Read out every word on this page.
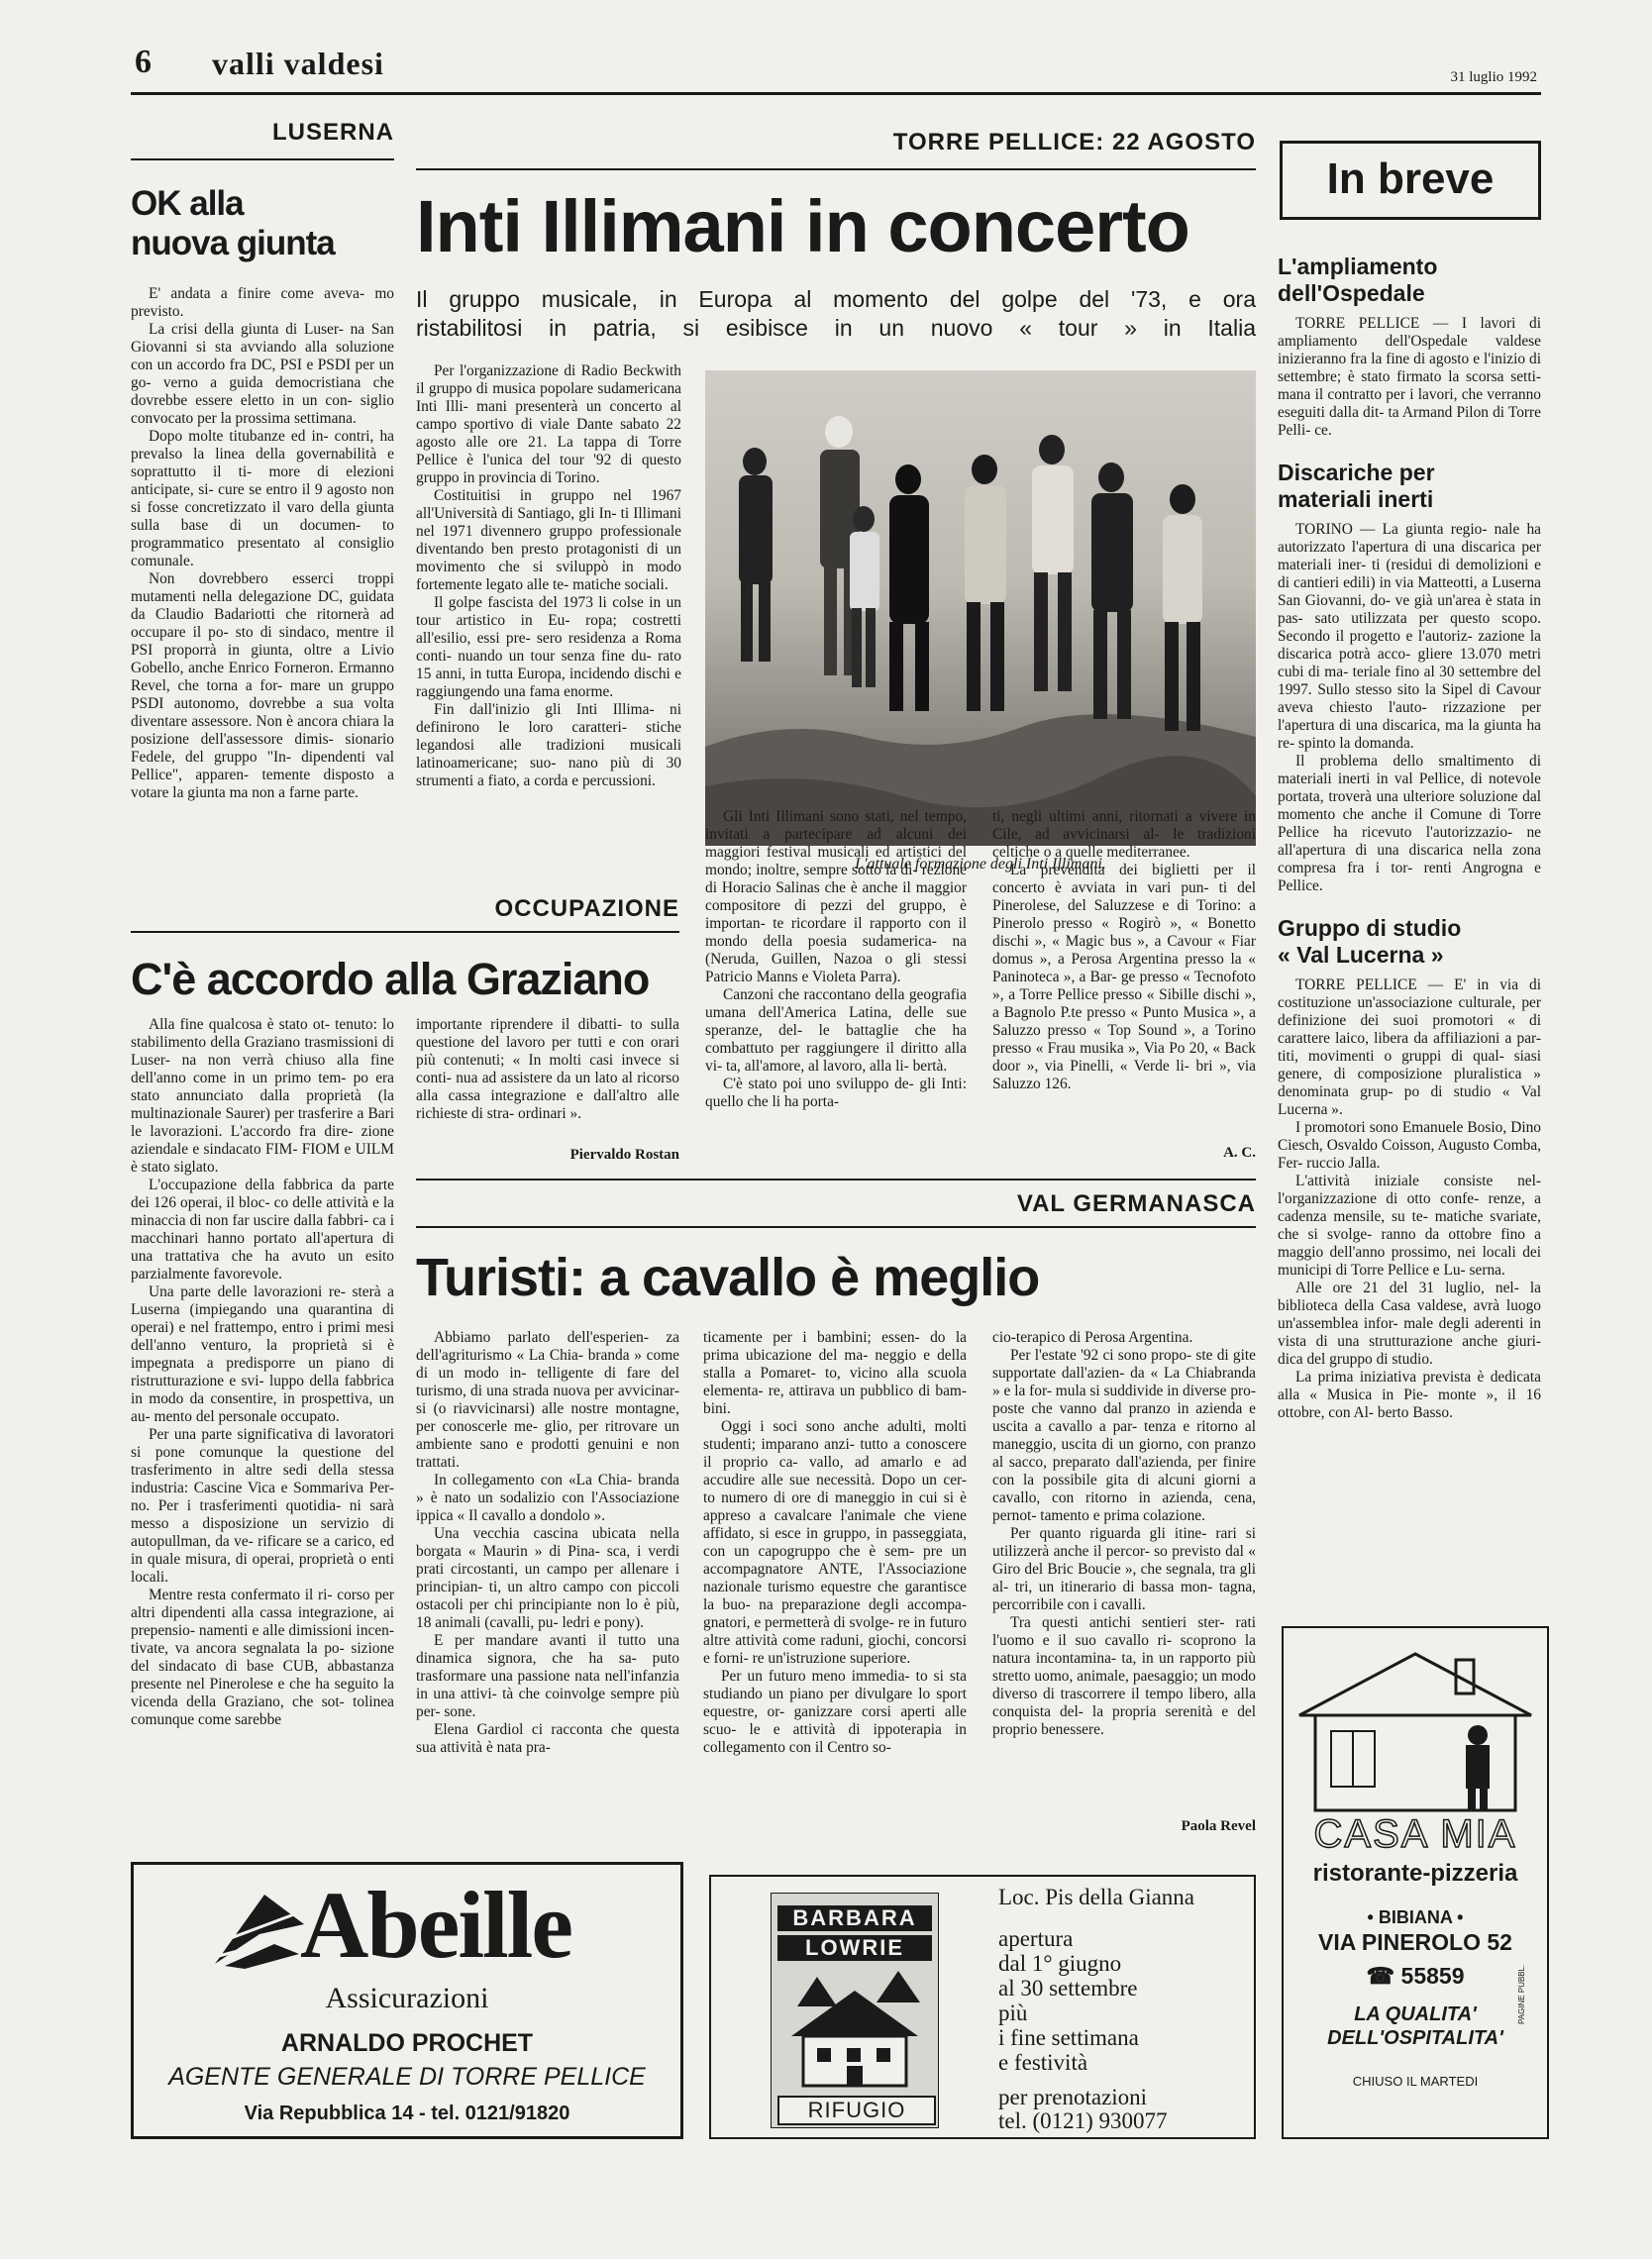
6 valli valdesi	31 luglio 1992
LUSERNA
OK alla
nuova giunta

E' andata a finire come aveva- mo previsto.

La crisi della giunta di Luser- na San Giovanni si sta avviando alla soluzione con un accordo fra DC, PSI e PSDI per un go- verno a guida democristiana che dovrebbe essere eletto in un con- siglio convocato per la prossima settimana.

Dopo molte titubanze ed in- contri, ha prevalso la linea della governabilità e soprattutto il ti- more di elezioni anticipate, si- cure se entro il 9 agosto non si fosse concretizzato il varo della giunta sulla base di un documen- to programmatico presentato al consiglio comunale.

Non dovrebbero esserci troppi mutamenti nella delegazione DC, guidata da Claudio Badariotti che ritornerà ad occupare il po- sto di sindaco, mentre il PSI proporrà in giunta, oltre a Livio Gobello, anche Enrico Forneron. Ermanno Revel, che torna a for- mare un gruppo PSDI autonomo, dovrebbe a sua volta diventare assessore. Non è ancora chiara la posizione dell'assessore dimis- sionario Fedele, del gruppo "In- dipendenti val Pellice", apparen- temente disposto a votare la giunta ma non a farne parte.

TORRE PELLICE: 22 AGOSTO
Inti Illimani in concerto
Il gruppo musicale, in Europa al momento del golpe del '73, e ora
ristabilitosi in patria, si esibisce in un nuovo « tour » in Italia

Per l'organizzazione di Radio Beckwith il gruppo di musica popolare sudamericana Inti Illi- mani presenterà un concerto al campo sportivo di viale Dante sabato 22 agosto alle ore 21. La tappa di Torre Pellice è l'unica del tour '92 di questo gruppo in provincia di Torino.

Costituitisi in gruppo nel 1967 all'Università di Santiago, gli In- ti Illimani nel 1971 divennero gruppo professionale diventando ben presto protagonisti di un movimento che si sviluppò in modo fortemente legato alle te- matiche sociali.

Il golpe fascista del 1973 li colse in un tour artistico in Eu- ropa; costretti all'esilio, essi pre- sero residenza a Roma conti- nuando un tour senza fine du- rato 15 anni, in tutta Europa, incidendo dischi e raggiungendo una fama enorme.

Fin dall'inizio gli Inti Illima- ni definirono le loro caratteri- stiche legandosi alle tradizioni musicali latinoamericane; suo- nano più di 30 strumenti a fiato, a corda e percussioni.

L'attuale formazione degli Inti Illimani.

Gli Inti Illimani sono stati, nel tempo, invitati a partecipare ad alcuni dei maggiori festival musicali ed artistici del mondo; inoltre, sempre sotto la di- rezione di Horacio Salinas che è anche il maggior compositore di pezzi del gruppo, è importan- te ricordare il rapporto con il mondo della poesia sudamerica- na (Neruda, Guillen, Nazoa o gli stessi Patricio Manns e Violeta Parra).

Canzoni che raccontano della geografia umana dell'America Latina, delle sue speranze, del- le battaglie che ha combattuto per raggiungere il diritto alla vi- ta, all'amore, al lavoro, alla li- bertà.

C'è stato poi uno sviluppo de- gli Inti: quello che li ha porta-

ti, negli ultimi anni, ritornati a vivere in Cile, ad avvicinarsi al- le tradizioni celtiche o a quelle mediterranee.

La prevendita dei biglietti per il concerto è avviata in vari pun- ti del Pinerolese, del Saluzzese e di Torino: a Pinerolo presso « Rogirò », « Bonetto dischi », « Magic bus », a Cavour « Fiar domus », a Perosa Argentina presso la « Paninoteca », a Bar- ge presso « Tecnofoto », a Torre Pellice presso « Sibille dischi », a Bagnolo P.te presso « Punto Musica », a Saluzzo presso « Top Sound », a Torino presso « Frau musika », Via Po 20, « Back door », via Pinelli, « Verde li- bri », via Saluzzo 126.

A. C.
OCCUPAZIONE
C'è accordo alla Graziano

Alla fine qualcosa è stato ot- tenuto: lo stabilimento della Graziano trasmissioni di Luser- na non verrà chiuso alla fine dell'anno come in un primo tem- po era stato annunciato dalla proprietà (la multinazionale Saurer) per trasferire a Bari le lavorazioni. L'accordo fra dire- zione aziendale e sindacato FIM- FIOM e UILM è stato siglato.

L'occupazione della fabbrica da parte dei 126 operai, il bloc- co delle attività e la minaccia di non far uscire dalla fabbri- ca i macchinari hanno portato all'apertura di una trattativa che ha avuto un esito parzialmente favorevole.

Una parte delle lavorazioni re- sterà a Luserna (impiegando una quarantina di operai) e nel frattempo, entro i primi mesi dell'anno venturo, la proprietà si è impegnata a predisporre un piano di ristrutturazione e svi- luppo della fabbrica in modo da consentire, in prospettiva, un au- mento del personale occupato.

Per una parte significativa di lavoratori si pone comunque la questione del trasferimento in altre sedi della stessa industria: Cascine Vica e Sommariva Per- no. Per i trasferimenti quotidia- ni sarà messo a disposizione un servizio di autopullman, da ve- rificare se a carico, ed in quale misura, di operai, proprietà o enti locali.

Mentre resta confermato il ri- corso per altri dipendenti alla cassa integrazione, ai prepensio- namenti e alle dimissioni incen- tivate, va ancora segnalata la po- sizione del sindacato di base CUB, abbastanza presente nel Pinerolese e che ha seguito la vicenda della Graziano, che sot- tolinea comunque come sarebbe

importante riprendere il dibatti- to sulla questione del lavoro per tutti e con orari più contenuti; « In molti casi invece si conti- nua ad assistere da un lato al ricorso alla cassa integrazione e dall'altro alle richieste di stra- ordinari ».

Piervaldo Rostan
VAL GERMANASCA
Turisti: a cavallo è meglio

Abbiamo parlato dell'esperien- za dell'agriturismo « La Chia- branda » come di un modo in- telligente di fare del turismo, di una strada nuova per avvicinar- si (o riavvicinarsi) alle nostre montagne, per conoscerle me- glio, per ritrovare un ambiente sano e prodotti genuini e non trattati.

In collegamento con «La Chia- branda » è nato un sodalizio con l'Associazione ippica « Il cavallo a dondolo ».

Una vecchia cascina ubicata nella borgata « Maurin » di Pina- sca, i verdi prati circostanti, un campo per allenare i principian- ti, un altro campo con piccoli ostacoli per chi principiante non lo è più, 18 animali (cavalli, pu- ledri e pony).

E per mandare avanti il tutto una dinamica signora, che ha sa- puto trasformare una passione nata nell'infanzia in una attivi- tà che coinvolge sempre più per- sone.

Elena Gardiol ci racconta che questa sua attività è nata pra-

ticamente per i bambini; essen- do la prima ubicazione del ma- neggio e della stalla a Pomaret- to, vicino alla scuola elementa- re, attirava un pubblico di bam- bini.

Oggi i soci sono anche adulti, molti studenti; imparano anzi- tutto a conoscere il proprio ca- vallo, ad amarlo e ad accudire alle sue necessità. Dopo un cer- to numero di ore di maneggio in cui si è appreso a cavalcare l'animale che viene affidato, si esce in gruppo, in passeggiata, con un capogruppo che è sem- pre un accompagnatore ANTE, l'Associazione nazionale turismo equestre che garantisce la buo- na preparazione degli accompa- gnatori, e permetterà di svolge- re in futuro altre attività come raduni, giochi, concorsi e forni- re un'istruzione superiore.

Per un futuro meno immedia- to si sta studiando un piano per divulgare lo sport equestre, or- ganizzare corsi aperti alle scuo- le e attività di ippoterapia in collegamento con il Centro so-

cio-terapico di Perosa Argentina.

Per l'estate '92 ci sono propo- ste di gite supportate dall'azien- da « La Chiabranda » e la for- mula si suddivide in diverse pro- poste che vanno dal pranzo in azienda e uscita a cavallo a par- tenza e ritorno al maneggio, uscita di un giorno, con pranzo al sacco, preparato dall'azienda, per finire con la possibile gita di alcuni giorni a cavallo, con ritorno in azienda, cena, pernot- tamento e prima colazione.

Per quanto riguarda gli itine- rari si utilizzerà anche il percor- so previsto dal « Giro del Bric Boucie », che segnala, tra gli al- tri, un itinerario di bassa mon- tagna, percorribile con i cavalli.

Tra questi antichi sentieri ster- rati l'uomo e il suo cavallo ri- scoprono la natura incontamina- ta, in un rapporto più stretto uomo, animale, paesaggio; un modo diverso di trascorrere il tempo libero, alla conquista del- la propria serenità e del proprio benessere.

Paola Revel
In breve
L'ampliamento
dell'Ospedale

TORRE PELLICE — I lavori di ampliamento dell'Ospedale valdese inizieranno fra la fine di agosto e l'inizio di settembre; è stato firmato la scorsa setti- mana il contratto per i lavori, che verranno eseguiti dalla dit- ta Armand Pilon di Torre Pelli- ce.

Discariche per
materiali inerti

TORINO — La giunta regio- nale ha autorizzato l'apertura di una discarica per materiali iner- ti (residui di demolizioni e di cantieri edili) in via Matteotti, a Luserna San Giovanni, do- ve già un'area è stata in pas- sato utilizzata per questo scopo. Secondo il progetto e l'autoriz- zazione la discarica potrà acco- gliere 13.070 metri cubi di ma- teriale fino al 30 settembre del 1997. Sullo stesso sito la Sipel di Cavour aveva chiesto l'auto- rizzazione per l'apertura di una discarica, ma la giunta ha re- spinto la domanda.

Il problema dello smaltimento di materiali inerti in val Pellice, di notevole portata, troverà una ulteriore soluzione dal momento che anche il Comune di Torre Pellice ha ricevuto l'autorizzazio- ne all'apertura di una discarica nella zona compresa fra i tor- renti Angrogna e Pellice.

Gruppo di studio
« Val Lucerna »

TORRE PELLICE — E' in via di costituzione un'associazione culturale, per definizione dei suoi promotori « di carattere laico, libera da affiliazioni a par- titi, movimenti o gruppi di qual- siasi genere, di composizione pluralistica » denominata grup- po di studio « Val Lucerna ».

I promotori sono Emanuele Bosio, Dino Ciesch, Osvaldo Coisson, Augusto Comba, Fer- ruccio Jalla.

L'attività iniziale consiste nel- l'organizzazione di otto confe- renze, a cadenza mensile, su te- matiche svariate, che si svolge- ranno da ottobre fino a maggio dell'anno prossimo, nei locali dei municipi di Torre Pellice e Lu- serna.

Alle ore 21 del 31 luglio, nel- la biblioteca della Casa valdese, avrà luogo un'assemblea infor- male degli aderenti in vista di una strutturazione anche giuri- dica del gruppo di studio.

La prima iniziativa prevista è dedicata alla « Musica in Pie- monte », il 16 ottobre, con Al- berto Basso.

Abeille
Assicurazioni
ARNALDO PROCHET
AGENTE GENERALE DI TORRE PELLICE
Via Repubblica 14 - tel. 0121/91820
BARBARA
LOWRIE
RIFUGIO
Loc. Pis della Gianna
apertura
dal 1° giugno
al 30 settembre
più
i fine settimana
e festività
per prenotazioni
tel. (0121) 930077
CASA MIA
ristorante-pizzeria
• BIBIANA •
VIA PINEROLO 52
☎ 55859
LA QUALITA'
DELL'OSPITALITA'
CHIUSO IL MARTEDI
PAGINE PUBBL.
